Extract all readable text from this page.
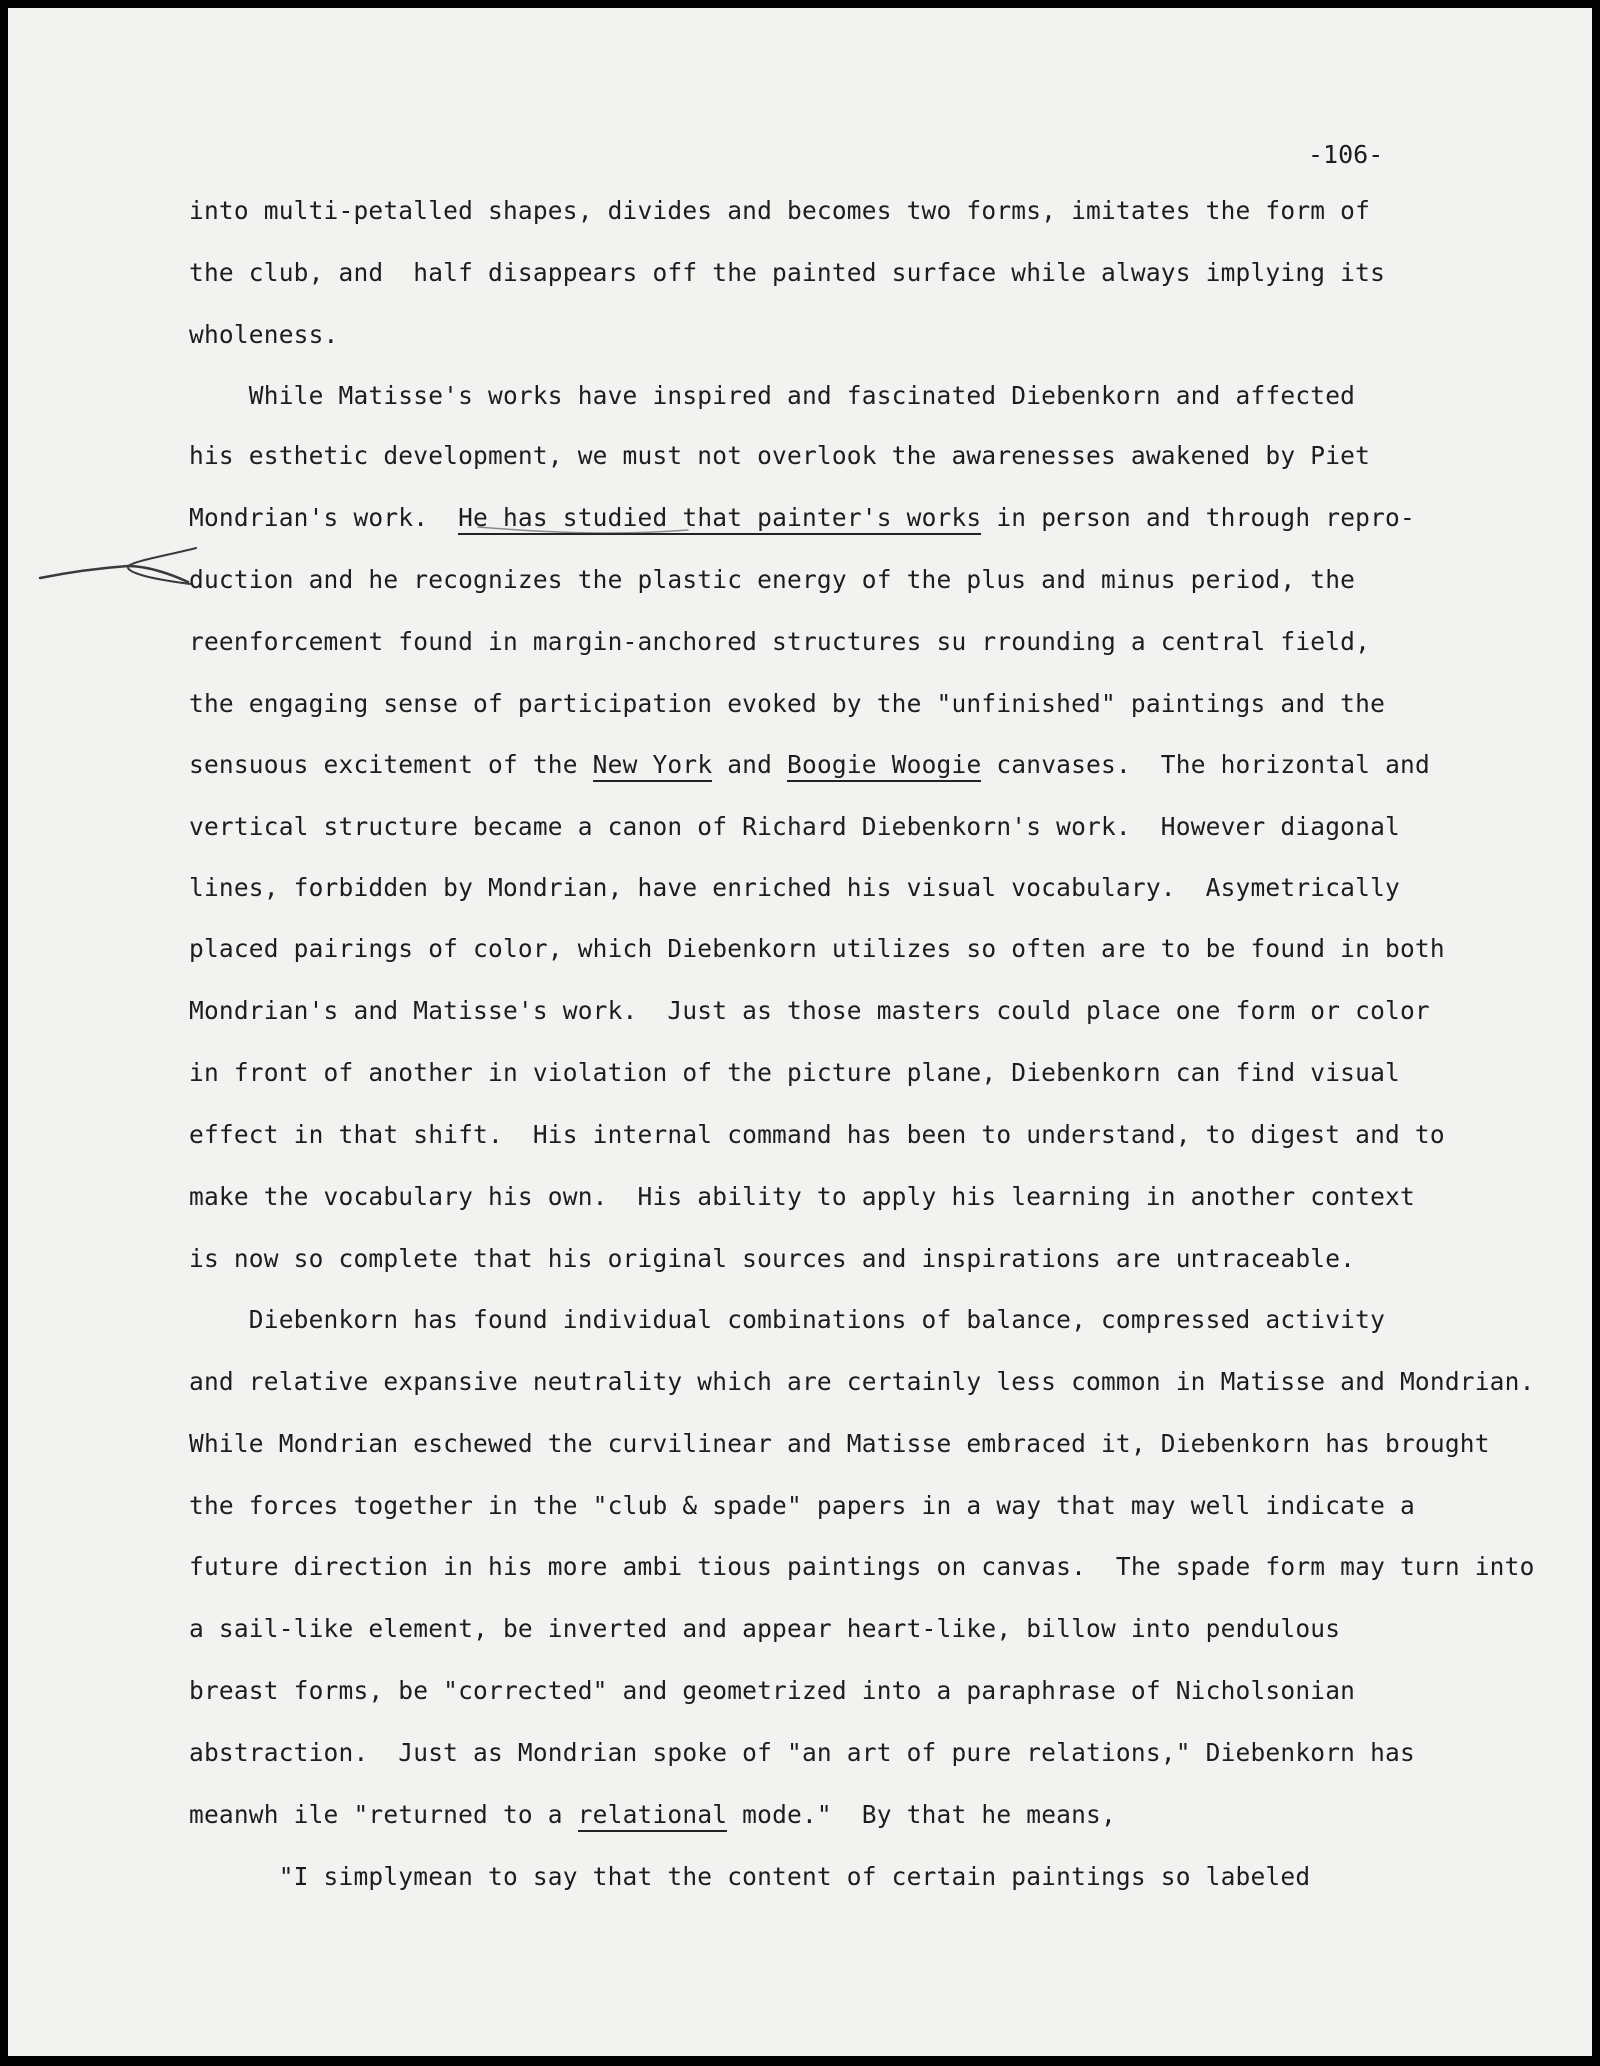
-106-
into multi-petalled shapes, divides and becomes two forms, imitates the form of
the club, and  half disappears off the painted surface while always implying its
wholeness.
While Matisse's works have inspired and fascinated Diebenkorn and affected
his esthetic development, we must not overlook the awarenesses awakened by Piet
Mondrian's work.  He has studied that painter's works in person and through repro-
duction and he recognizes the plastic energy of the plus and minus period, the
reenforcement found in margin-anchored structures su rrounding a central field,
the engaging sense of participation evoked by the "unfinished" paintings and the
sensuous excitement of the New York and Boogie Woogie canvases.  The horizontal and
vertical structure became a canon of Richard Diebenkorn's work.  However diagonal
lines, forbidden by Mondrian, have enriched his visual vocabulary.  Asymetrically
placed pairings of color, which Diebenkorn utilizes so often are to be found in both
Mondrian's and Matisse's work.  Just as those masters could place one form or color
in front of another in violation of the picture plane, Diebenkorn can find visual
effect in that shift.  His internal command has been to understand, to digest and to
make the vocabulary his own.  His ability to apply his learning in another context
is now so complete that his original sources and inspirations are untraceable.
Diebenkorn has found individual combinations of balance, compressed activity
and relative expansive neutrality which are certainly less common in Matisse and Mondrian.
While Mondrian eschewed the curvilinear and Matisse embraced it, Diebenkorn has brought
the forces together in the "club & spade" papers in a way that may well indicate a
future direction in his more ambi tious paintings on canvas.  The spade form may turn into
a sail-like element, be inverted and appear heart-like, billow into pendulous
breast forms, be "corrected" and geometrized into a paraphrase of Nicholsonian
abstraction.  Just as Mondrian spoke of "an art of pure relations," Diebenkorn has
meanwh ile "returned to a relational mode."  By that he means,
"I simplymean to say that the content of certain paintings so labeled
